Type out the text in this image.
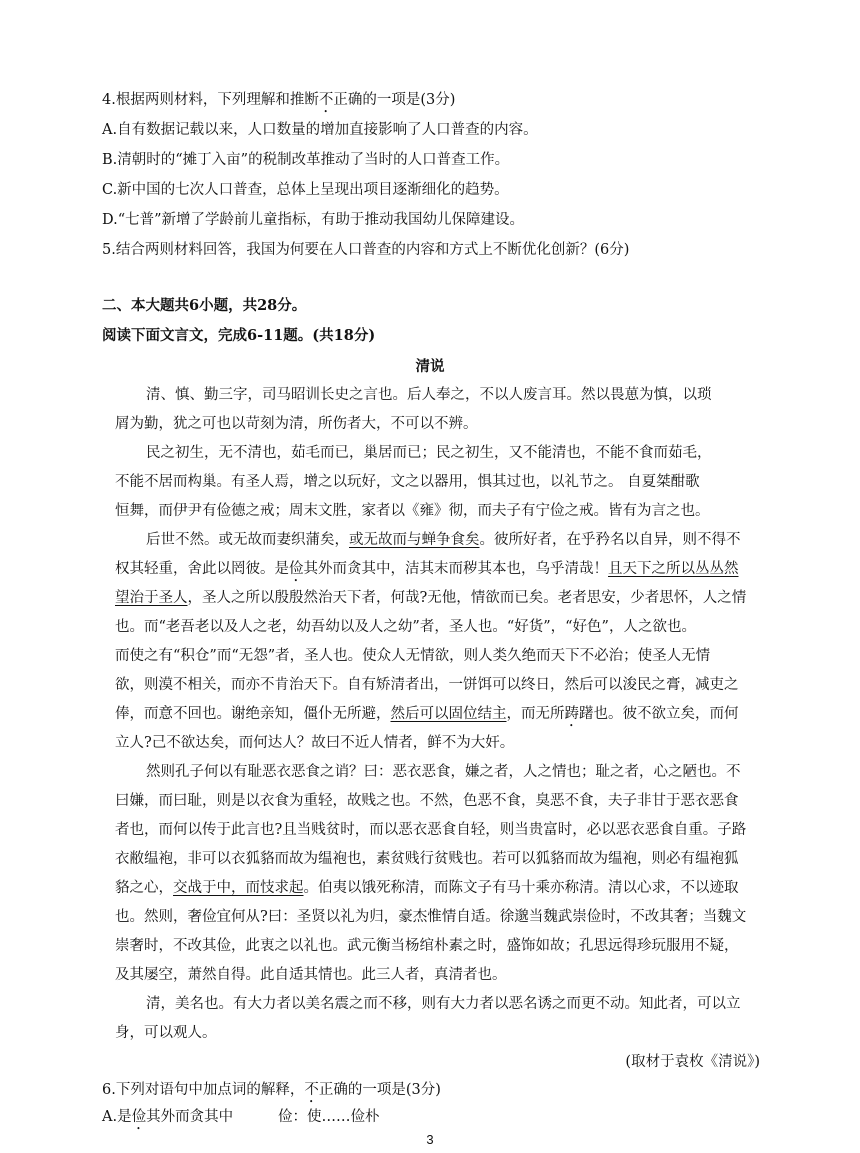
4.根据两则材料，下列理解和推断不正确的一项是(3分)
A.自有数据记载以来，人口数量的增加直接影响了人口普查的内容。
B.清朝时的“摊丁入亩”的税制改革推动了当时的人口普查工作。
C.新中国的七次人口普查，总体上呈现出项目逐渐细化的趋势。
D.“七普”新增了学龄前儿童指标，有助于推动我国幼儿保障建设。
5.结合两则材料回答，我国为何要在人口普查的内容和方式上不断优化创新？(6分)
二、本大题共6小题，共28分。
阅读下面文言文，完成6-11题。(共18分)
清说
清、慎、勤三字，司马昭训长史之言也。后人奉之，不以人废言耳。然以畏葸为慎，以琐
屑为勤，犹之可也以苛刻为清，所伤者大，不可以不辨。
民之初生，无不清也，茹毛而已，巢居而已；民之初生，又不能清也，不能不食而茹毛，
不能不居而构巢。有圣人焉，增之以玩好，文之以器用，惧其过也，以礼节之。 自夏桀酣歌
恒舞，而伊尹有俭德之戒；周末文胜，家者以《雍》彻，而夫子有宁俭之戒。皆有为言之也。
后世不然。或无故而妻织蒲矣，或无故而与蝉争食矣。彼所好者，在乎矜名以自异，则不得不
权其轻重，舍此以罔彼。是俭其外而贪其中，洁其末而秽其本也，乌乎清哉！且天下之所以丛丛然
望治于圣人，圣人之所以殷殷然治天下者，何哉?无他，情欲而已矣。老者思安，少者思怀，人之情
也。而“老吾老以及人之老，幼吾幼以及人之幼”者，圣人也。“好货”，“好色”，人之欲也。
而使之有“积仓”而“无怨”者，圣人也。使众人无情欲，则人类久绝而天下不必治；使圣人无情
欲，则漠不相关，而亦不肯治天下。自有矫清者出，一饼饵可以终日，然后可以浚民之膏，减吏之
俸，而意不回也。谢绝亲知，僵仆无所避，然后可以固位结主，而无所踌躇也。彼不欲立矣，而何
立人?己不欲达矣，而何达人？故曰不近人情者，鲜不为大奸。
然则孔子何以有耻恶衣恶食之诮？曰：恶衣恶食，嫌之者，人之情也；耻之者，心之陋也。不
曰嫌，而曰耻，则是以衣食为重轻，故贱之也。不然，色恶不食，臭恶不食，夫子非甘于恶衣恶食
者也，而何以传于此言也?且当贱贫时，而以恶衣恶食自轻，则当贵富时，必以恶衣恶食自重。子路
衣敝缊袍，非可以衣狐貉而故为缊袍也，素贫贱行贫贱也。若可以狐貉而故为缊袍，则必有缊袍狐
貉之心，交战于中，而忮求起。伯夷以饿死称清，而陈文子有马十乘亦称清。清以心求，不以迹取
也。然则，奢俭宜何从?曰：圣贤以礼为归，豪杰惟情自适。徐邈当魏武崇俭时，不改其奢；当魏文
崇奢时，不改其俭，此衷之以礼也。武元衡当杨绾朴素之时，盛饰如故；孔思远得珍玩服用不疑，
及其屡空，萧然自得。此自适其情也。此三人者，真清者也。
清，美名也。有大力者以美名震之而不移，则有大力者以恶名诱之而更不动。知此者，可以立
身，可以观人。
(取材于袁枚《清说》)
6.下列对语句中加点词的解释，不正确的一项是(3分)
A.是俭其外而贪其中	俭：使……俭朴
3
